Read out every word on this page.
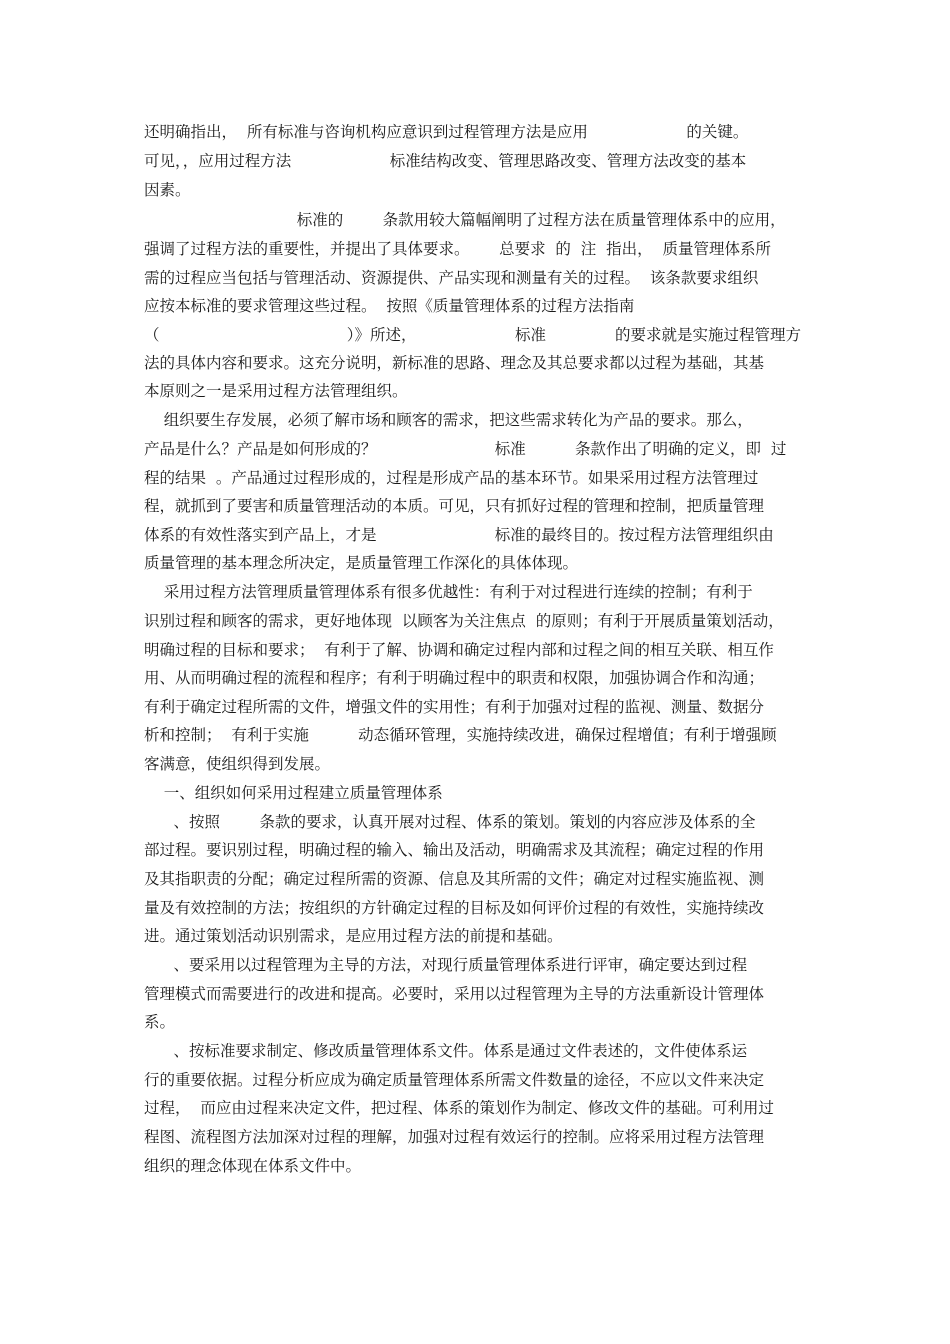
还明确指出，  所有标准与咨询机构应意识到过程管理方法是应用                    的关键。
可见，，应用过程方法                    标准结构改变、管理思路改变、管理方法改变的基本
因素。
标准的        条款用较大篇幅阐明了过程方法在质量管理体系中的应用，
强调了过程方法的重要性，并提出了具体要求。      总要求  的  注  指出，  质量管理体系所
需的过程应当包括与管理活动、资源提供、产品实现和测量有关的过程。  该条款要求组织
应按本标准的要求管理这些过程。  按照《质量管理体系的过程方法指南
（                                      ）》所述，                    标准              的要求就是实施过程管理方
法的具体内容和要求。这充分说明，新标准的思路、理念及其总要求都以过程为基础，其基
本原则之一是采用过程方法管理组织。
组织要生存发展，必须了解市场和顾客的需求，把这些需求转化为产品的要求。那么，
产品是什么？产品是如何形成的？                        标准          条款作出了明确的定义，即  过
程的结果  。产品通过过程形成的，过程是形成产品的基本环节。如果采用过程方法管理过
程，就抓到了要害和质量管理活动的本质。可见，只有抓好过程的管理和控制，把质量管理
体系的有效性落实到产品上，才是                        标准的最终目的。按过程方法管理组织由
质量管理的基本理念所决定，是质量管理工作深化的具体体现。
采用过程方法管理质量管理体系有很多优越性：有利于对过程进行连续的控制；有利于
识别过程和顾客的需求，更好地体现  以顾客为关注焦点  的原则；有利于开展质量策划活动，
明确过程的目标和要求；  有利于了解、协调和确定过程内部和过程之间的相互关联、相互作
用、从而明确过程的流程和程序；有利于明确过程中的职责和权限，加强协调合作和沟通；
有利于确定过程所需的文件，增强文件的实用性；有利于加强对过程的监视、测量、数据分
析和控制；  有利于实施          动态循环管理，实施持续改进，确保过程增值；有利于增强顾
客满意，使组织得到发展。
一、组织如何采用过程建立质量管理体系
、按照        条款的要求，认真开展对过程、体系的策划。策划的内容应涉及体系的全
部过程。要识别过程，明确过程的输入、输出及活动，明确需求及其流程；确定过程的作用
及其指职责的分配；确定过程所需的资源、信息及其所需的文件；确定对过程实施监视、测
量及有效控制的方法；按组织的方针确定过程的目标及如何评价过程的有效性，实施持续改
进。通过策划活动识别需求，是应用过程方法的前提和基础。
、要采用以过程管理为主导的方法，对现行质量管理体系进行评审，确定要达到过程
管理模式而需要进行的改进和提高。必要时，采用以过程管理为主导的方法重新设计管理体
系。
、按标准要求制定、修改质量管理体系文件。体系是通过文件表述的，文件使体系运
行的重要依据。过程分析应成为确定质量管理体系所需文件数量的途径，不应以文件来决定
过程，  而应由过程来决定文件，把过程、体系的策划作为制定、修改文件的基础。可利用过
程图、流程图方法加深对过程的理解，加强对过程有效运行的控制。应将采用过程方法管理
组织的理念体现在体系文件中。
